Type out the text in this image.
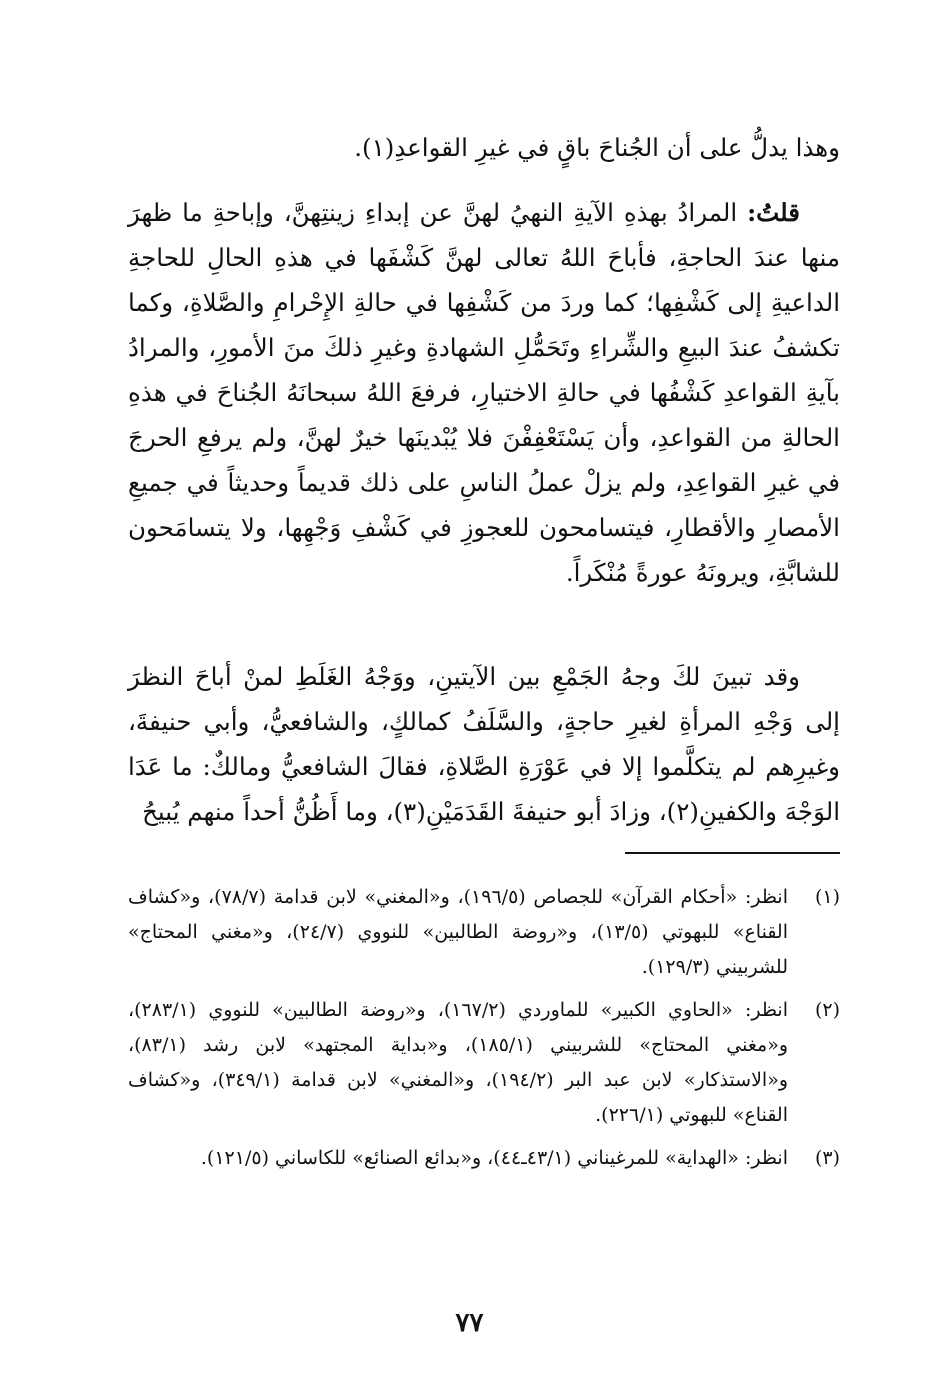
وهذا يدلُّ على أن الجُناحَ باقٍ في غيرِ القواعدِ(١).

قلتُ: المرادُ بهذهِ الآيةِ النهيُ لهنَّ عن إبداءِ زينتِهنَّ، وإباحةِ ما ظهرَ منها عندَ الحاجةِ، فأباحَ اللهُ تعالى لهنَّ كَشْفَها في هذهِ الحالِ للحاجةِ الداعيةِ إلى كَشْفِها؛ كما وردَ من كَشْفِها في حالةِ الإِحْرامِ والصَّلاةِ، وكما تكشفُ عندَ البيعِ والشِّراءِ وتَحَمُّلِ الشهادةِ وغيرِ ذلكَ منَ الأمورِ، والمرادُ بآيةِ القواعدِ كَشْفُها في حالةِ الاختيارِ، فرفعَ اللهُ سبحانَهُ الجُناحَ في هذهِ الحالةِ من القواعدِ، وأن يَسْتَعْفِفْنَ فلا يُبْدينَها خيرٌ لهنَّ، ولم يرفعِ الحرجَ في غيرِ القواعِدِ، ولم يزلْ عملُ الناسِ على ذلك قديماً وحديثاً في جميعِ الأمصارِ والأقطارِ، فيتسامحون للعجوزِ في كَشْفِ وَجْهِها، ولا يتسامَحون للشابَّةِ، ويرونَهُ عورةً مُنْكَراً.

وقد تبينَ لكَ وجهُ الجَمْعِ بين الآيتينِ، ووَجْهُ الغَلَطِ لمنْ أباحَ النظرَ إلى وَجْهِ المرأةِ لغيرِ حاجةٍ، والسَّلَفُ كمالكٍ، والشافعيُّ، وأبي حنيفةَ، وغيرِهم لم يتكلَّموا إلا في عَوْرَةِ الصَّلاةِ، فقالَ الشافعيُّ ومالكٌ: ما عَدَا الوَجْهَ والكفينِ(٢)، وزادَ أبو حنيفةَ القَدَمَيْنِ(٣)، وما أَظُنُّ أحداً منهم يُبيحُ

(١)
انظر: «أحكام القرآن» للجصاص (١٩٦/٥)، و«المغني» لابن قدامة (٧٨/٧)، و«كشاف القناع» للبهوتي (١٣/٥)، و«روضة الطالبين» للنووي (٢٤/٧)، و«مغني المحتاج» للشربيني (١٢٩/٣).
(٢)
انظر: «الحاوي الكبير» للماوردي (١٦٧/٢)، و«روضة الطالبين» للنووي (٢٨٣/١)، و«مغني المحتاج» للشربيني (١٨٥/١)، و«بداية المجتهد» لابن رشد (٨٣/١)، و«الاستذكار» لابن عبد البر (١٩٤/٢)، و«المغني» لابن قدامة (٣٤٩/١)، و«كشاف القناع» للبهوتي (٢٢٦/١).
(٣)
انظر: «الهداية» للمرغيناني (٤٣/١ـ٤٤)، و«بدائع الصنائع» للكاساني (١٢١/٥).
٧٧
